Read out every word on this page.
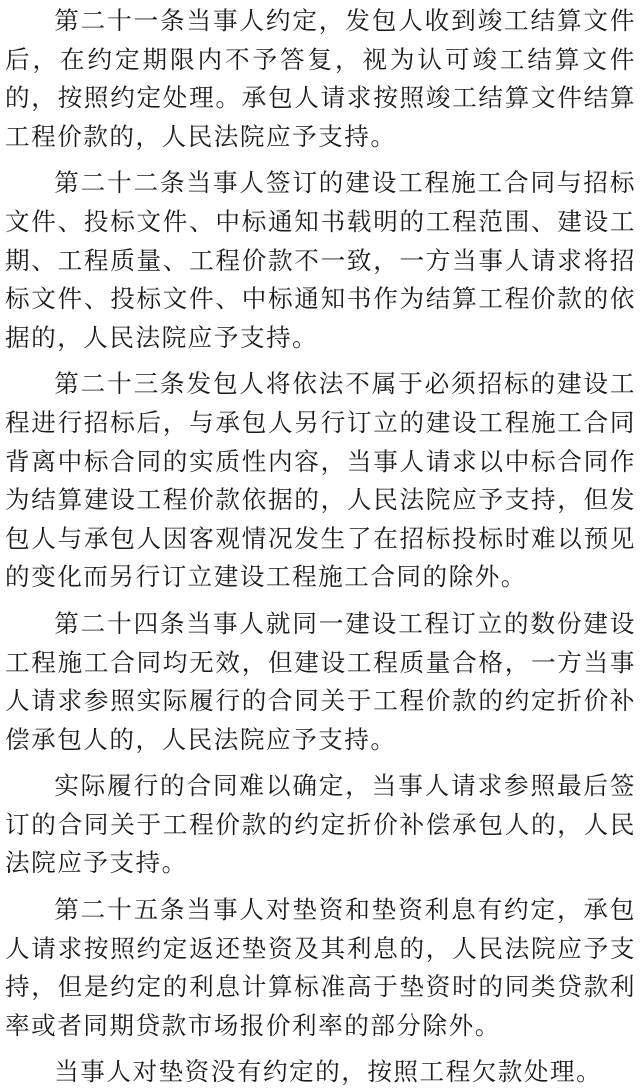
第二十一条当事人约定，发包人收到竣工结算文件后，在约定期限内不予答复，视为认可竣工结算文件的，按照约定处理。承包人请求按照竣工结算文件结算工程价款的，人民法院应予支持。

第二十二条当事人签订的建设工程施工合同与招标文件、投标文件、中标通知书载明的工程范围、建设工期、工程质量、工程价款不一致，一方当事人请求将招标文件、投标文件、中标通知书作为结算工程价款的依据的，人民法院应予支持。

第二十三条发包人将依法不属于必须招标的建设工程进行招标后，与承包人另行订立的建设工程施工合同背离中标合同的实质性内容，当事人请求以中标合同作为结算建设工程价款依据的，人民法院应予支持，但发包人与承包人因客观情况发生了在招标投标时难以预见的变化而另行订立建设工程施工合同的除外。

第二十四条当事人就同一建设工程订立的数份建设工程施工合同均无效，但建设工程质量合格，一方当事人请求参照实际履行的合同关于工程价款的约定折价补偿承包人的，人民法院应予支持。

实际履行的合同难以确定，当事人请求参照最后签订的合同关于工程价款的约定折价补偿承包人的，人民法院应予支持。

第二十五条当事人对垫资和垫资利息有约定，承包人请求按照约定返还垫资及其利息的，人民法院应予支持，但是约定的利息计算标准高于垫资时的同类贷款利率或者同期贷款市场报价利率的部分除外。

当事人对垫资没有约定的，按照工程欠款处理。
